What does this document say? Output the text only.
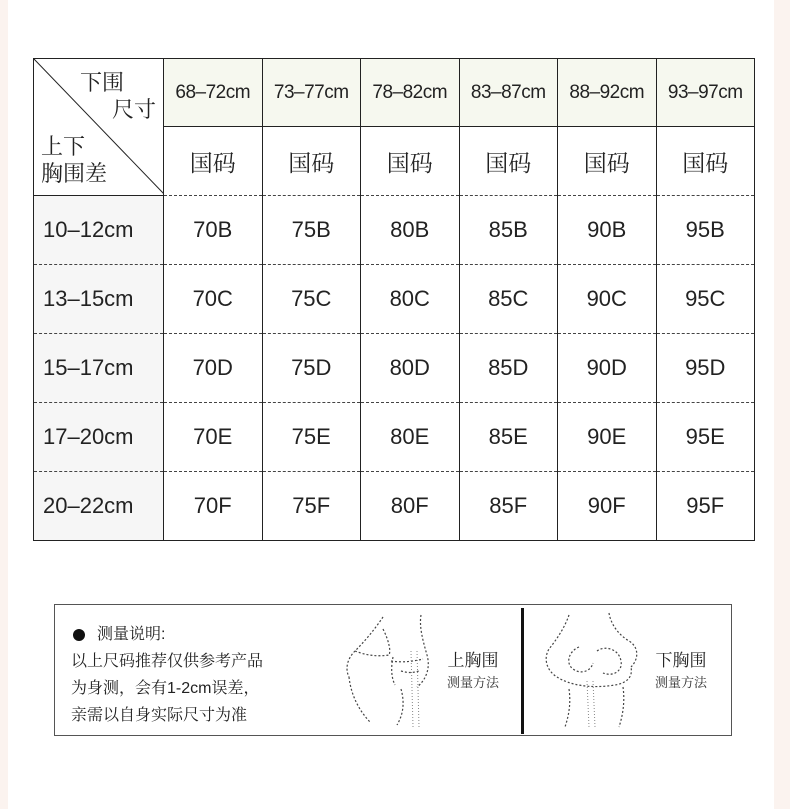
下围
尺寸
上下
胸围差	68–72cm	73–77cm	78–82cm	83–87cm	88–92cm	93–97cm
	国码	国码	国码	国码	国码	国码
10–12cm	70B	75B	80B	85B	90B	95B
13–15cm	70C	75C	80C	85C	90C	95C
15–17cm	70D	75D	80D	85D	90D	95D
17–20cm	70E	75E	80E	85E	90E	95E
20–22cm	70F	75F	80F	85F	90F	95F
测量说明:
以上尺码推荐仅供参考产品
为身测，会有1-2cm误差，
亲需以自身实际尺寸为准
上胸围
测量方法
下胸围
测量方法
